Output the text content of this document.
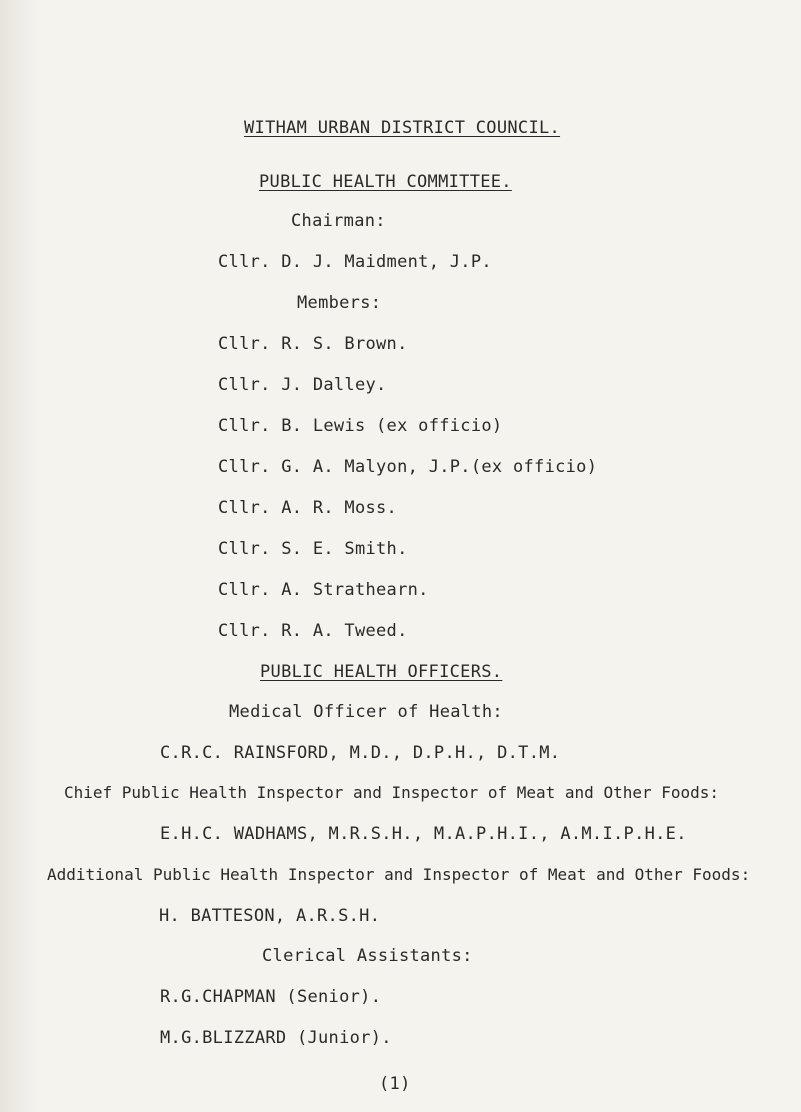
WITHAM URBAN DISTRICT COUNCIL.
PUBLIC HEALTH COMMITTEE.
Chairman:
Cllr. D. J. Maidment, J.P.
Members:
Cllr. R. S. Brown.
Cllr. J. Dalley.
Cllr. B. Lewis (ex officio)
Cllr. G. A. Malyon, J.P.(ex officio)
Cllr. A. R. Moss.
Cllr. S. E. Smith.
Cllr. A. Strathearn.
Cllr. R. A. Tweed.
PUBLIC HEALTH OFFICERS.
Medical Officer of Health:
C.R.C. RAINSFORD, M.D., D.P.H., D.T.M.
Chief Public Health Inspector and Inspector of Meat and Other Foods:
E.H.C. WADHAMS, M.R.S.H., M.A.P.H.I., A.M.I.P.H.E.
Additional Public Health Inspector and Inspector of Meat and Other Foods:
H. BATTESON, A.R.S.H.
Clerical Assistants:
R.G.CHAPMAN (Senior).
M.G.BLIZZARD (Junior).
(1)
